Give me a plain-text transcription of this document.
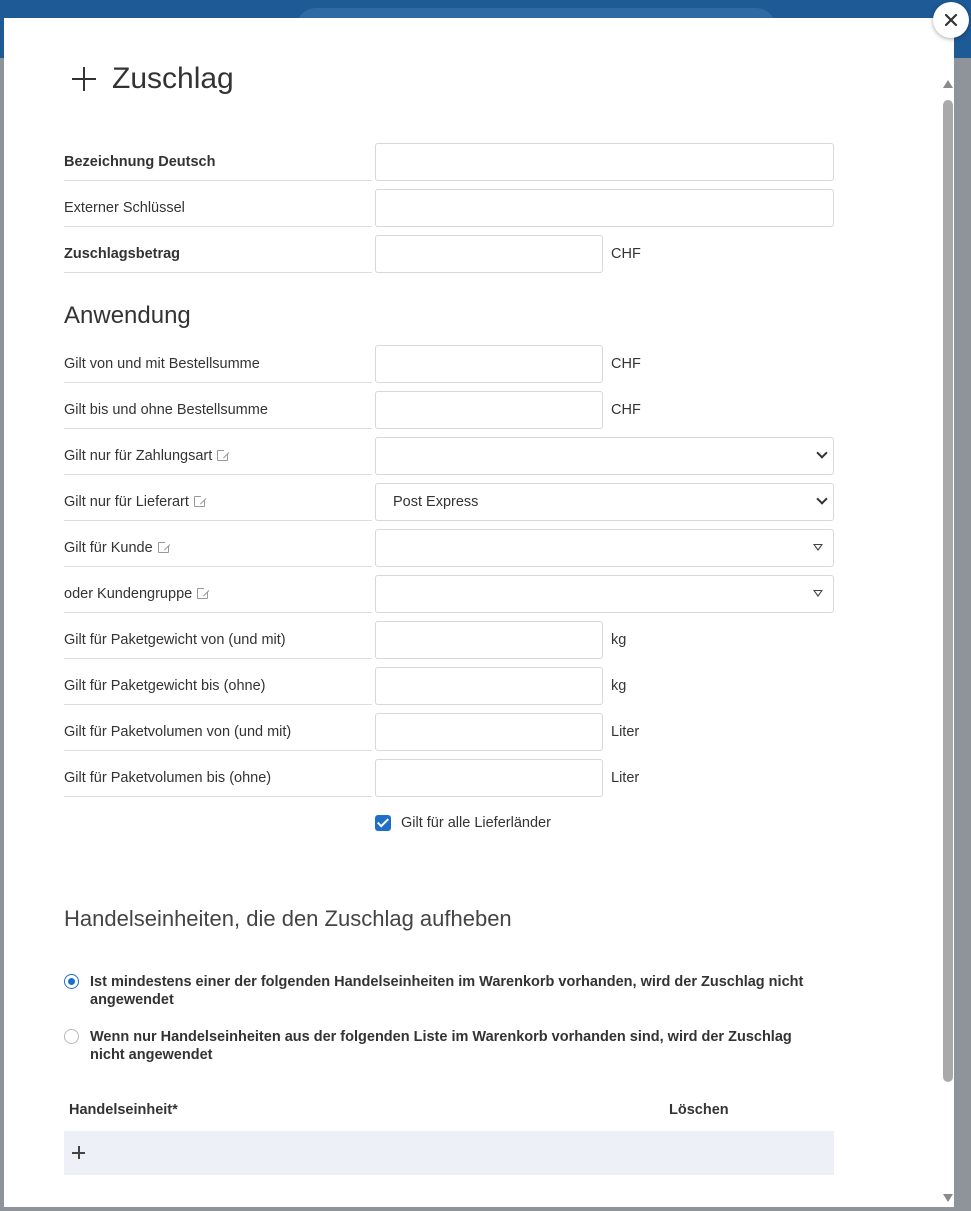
Zuschlag
Bezeichnung Deutsch
Externer Schlüssel
Zuschlagsbetrag	CHF
Anwendung
Gilt von und mit Bestellsumme	CHF
Gilt bis und ohne Bestellsumme	CHF
Gilt nur für Zahlungsart
Gilt nur für Lieferart	Post Express
Gilt für Kunde
oder Kundengruppe
Gilt für Paketgewicht von (und mit)	kg
Gilt für Paketgewicht bis (ohne)	kg
Gilt für Paketvolumen von (und mit)	Liter
Gilt für Paketvolumen bis (ohne)	Liter
Gilt für alle Lieferländer
Handelseinheiten, die den Zuschlag aufheben
Ist mindestens einer der folgenden Handelseinheiten im Warenkorb vorhanden, wird der Zuschlag nicht angewendet
Wenn nur Handelseinheiten aus der folgenden Liste im Warenkorb vorhanden sind, wird der Zuschlag nicht angewendet
Handelseinheit*	Löschen
